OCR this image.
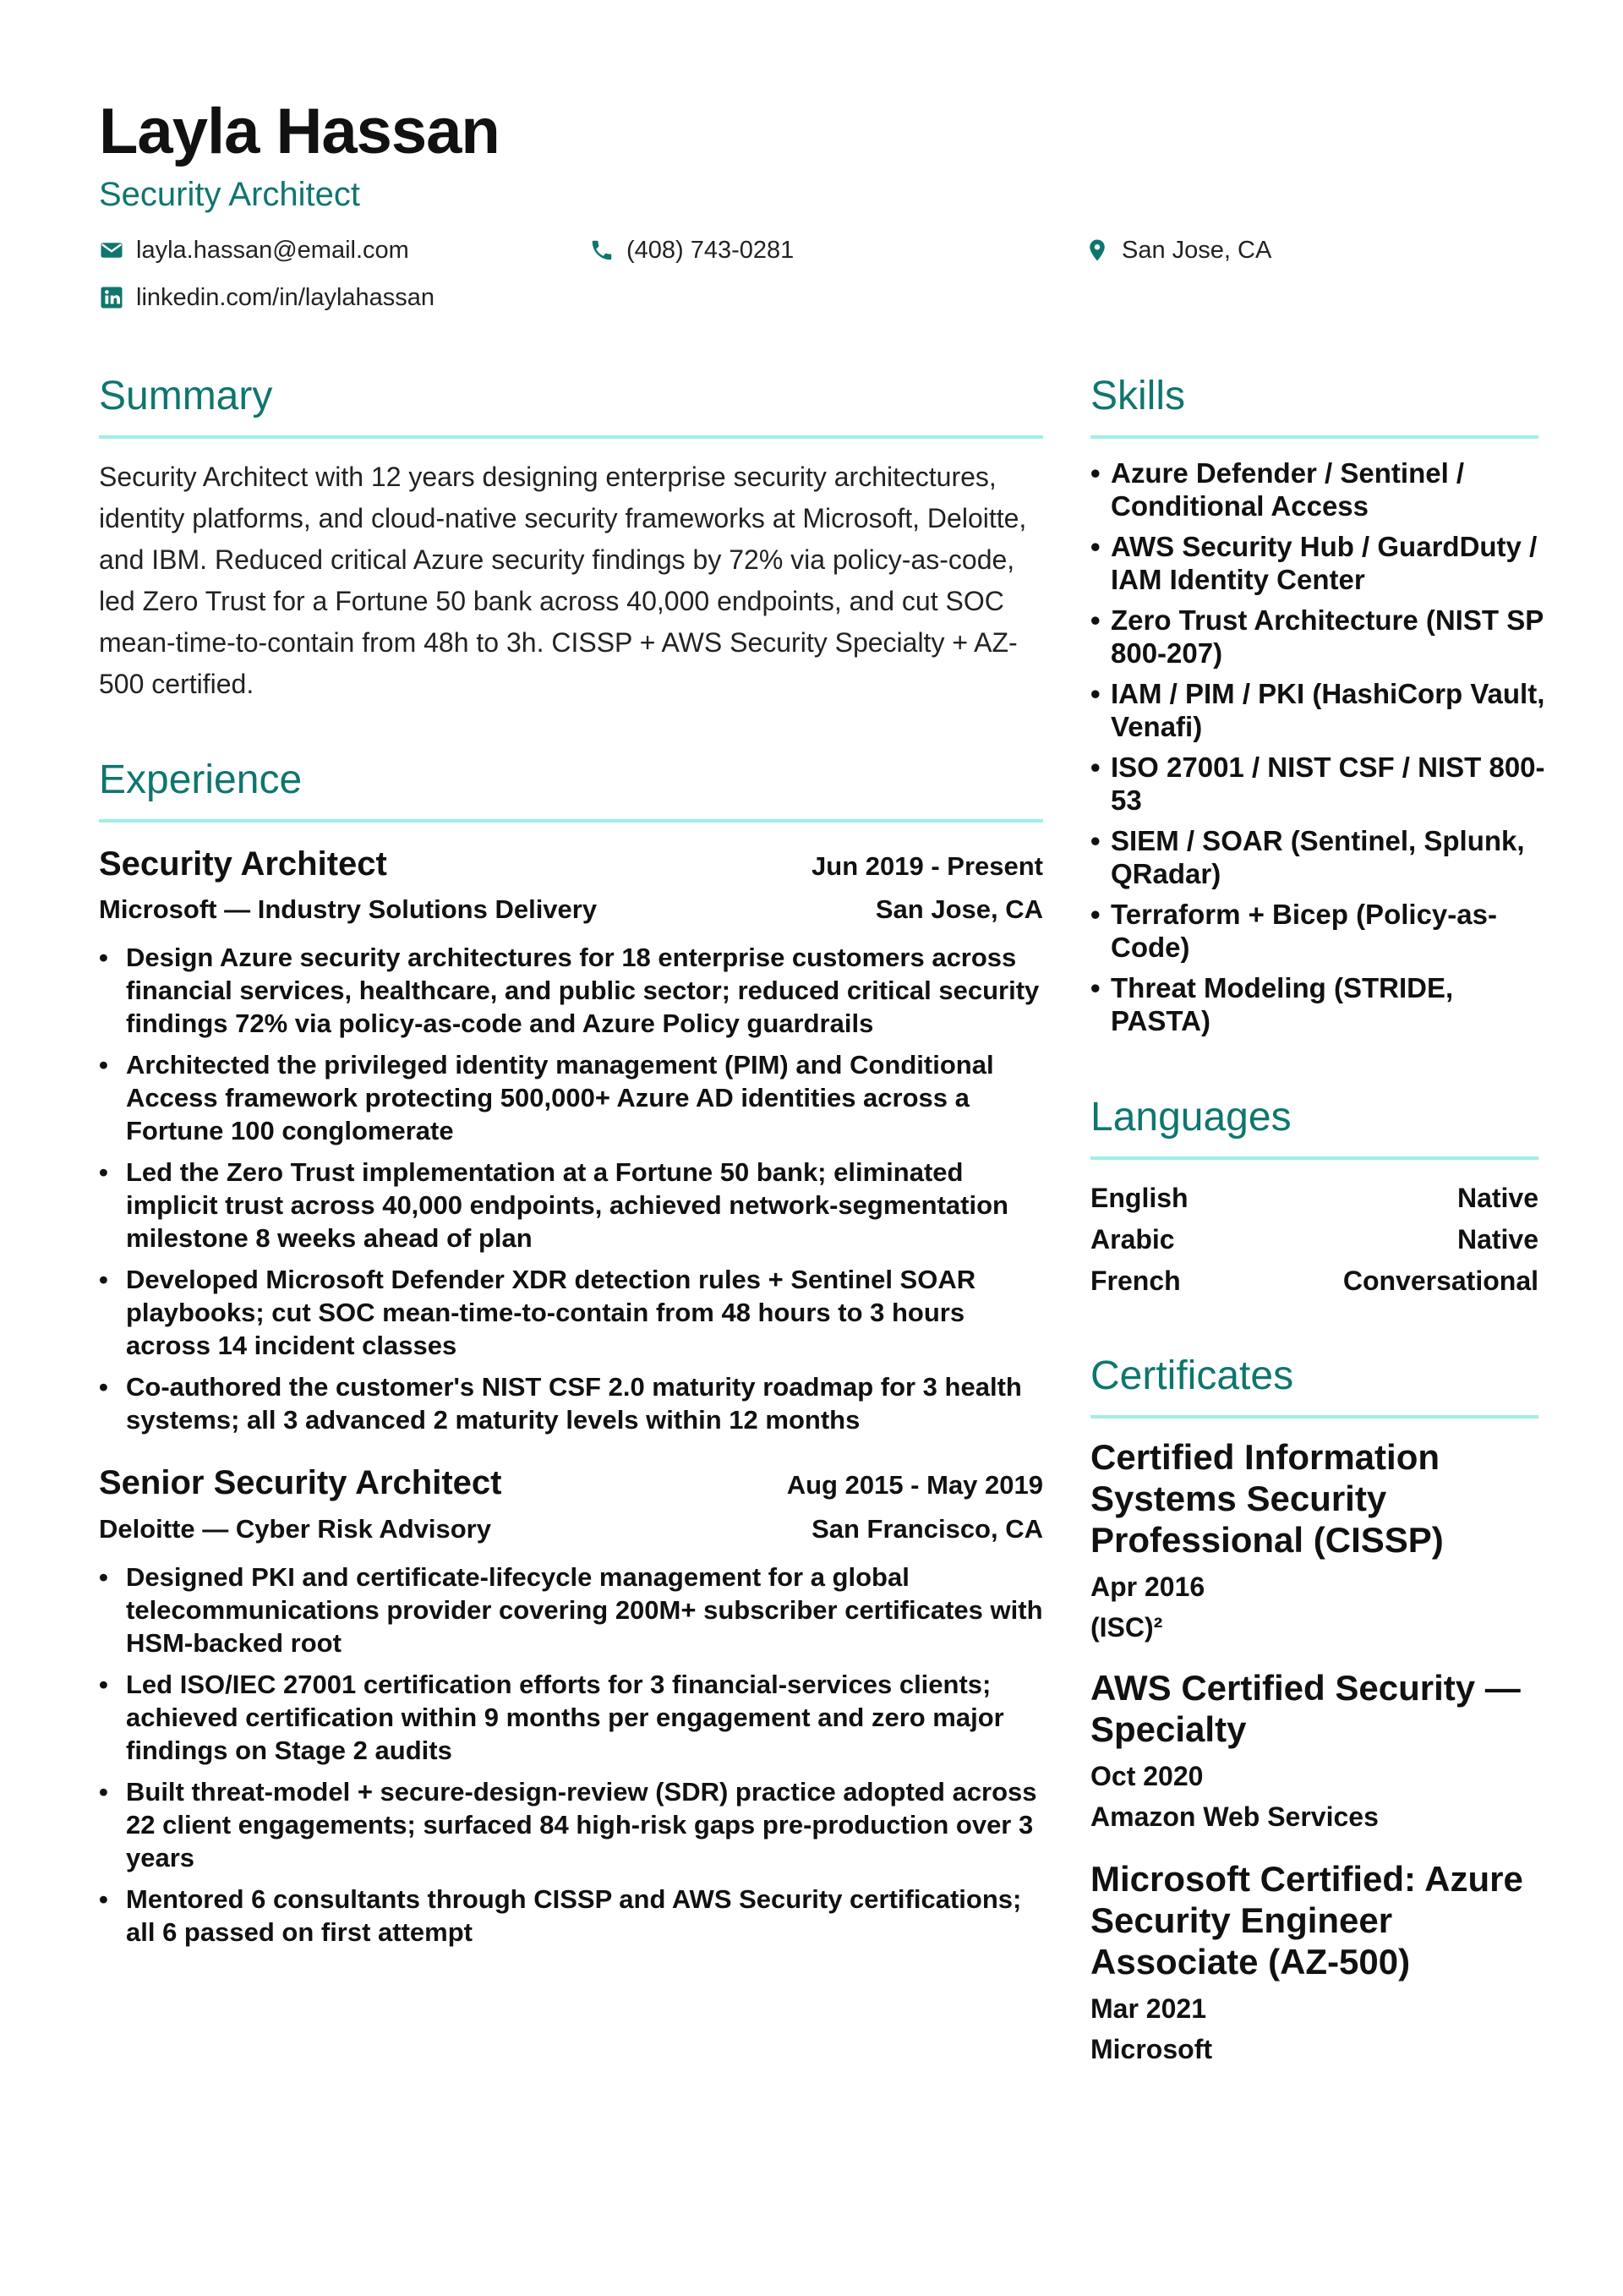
Layla Hassan
Security Architect
layla.hassan@email.com	(408) 743-0281	San Jose, CA
linkedin.com/in/laylahassan
Summary

Security Architect with 12 years designing enterprise security architectures, identity platforms, and cloud-native security frameworks at Microsoft, Deloitte, and IBM. Reduced critical Azure security findings by 72% via policy-as-code, led Zero Trust for a Fortune 50 bank across 40,000 endpoints, and cut SOC mean-time-to-contain from 48h to 3h. CISSP + AWS Security Specialty + AZ-500 certified.

Experience
Security Architect	Jun 2019 - Present
Microsoft — Industry Solutions Delivery	San Jose, CA
• Design Azure security architectures for 18 enterprise customers across financial services, healthcare, and public sector; reduced critical security findings 72% via policy-as-code and Azure Policy guardrails
• Architected the privileged identity management (PIM) and Conditional Access framework protecting 500,000+ Azure AD identities across a Fortune 100 conglomerate
• Led the Zero Trust implementation at a Fortune 50 bank; eliminated implicit trust across 40,000 endpoints, achieved network-segmentation milestone 8 weeks ahead of plan
• Developed Microsoft Defender XDR detection rules + Sentinel SOAR playbooks; cut SOC mean-time-to-contain from 48 hours to 3 hours across 14 incident classes
• Co-authored the customer's NIST CSF 2.0 maturity roadmap for 3 health systems; all 3 advanced 2 maturity levels within 12 months
Senior Security Architect	Aug 2015 - May 2019
Deloitte — Cyber Risk Advisory	San Francisco, CA
• Designed PKI and certificate-lifecycle management for a global telecommunications provider covering 200M+ subscriber certificates with HSM-backed root
• Led ISO/IEC 27001 certification efforts for 3 financial-services clients; achieved certification within 9 months per engagement and zero major findings on Stage 2 audits
• Built threat-model + secure-design-review (SDR) practice adopted across 22 client engagements; surfaced 84 high-risk gaps pre-production over 3 years
• Mentored 6 consultants through CISSP and AWS Security certifications; all 6 passed on first attempt
Skills
• Azure Defender / Sentinel / Conditional Access
• AWS Security Hub / GuardDuty / IAM Identity Center
• Zero Trust Architecture (NIST SP 800-207)
• IAM / PIM / PKI (HashiCorp Vault, Venafi)
• ISO 27001 / NIST CSF / NIST 800-53
• SIEM / SOAR (Sentinel, Splunk, QRadar)
• Terraform + Bicep (Policy-as-Code)
• Threat Modeling (STRIDE, PASTA)
Languages
English	Native
Arabic	Native
French	Conversational
Certificates
Certified Information Systems Security Professional (CISSP)
Apr 2016
(ISC)²
AWS Certified Security — Specialty
Oct 2020
Amazon Web Services
Microsoft Certified: Azure Security Engineer Associate (AZ-500)
Mar 2021
Microsoft
